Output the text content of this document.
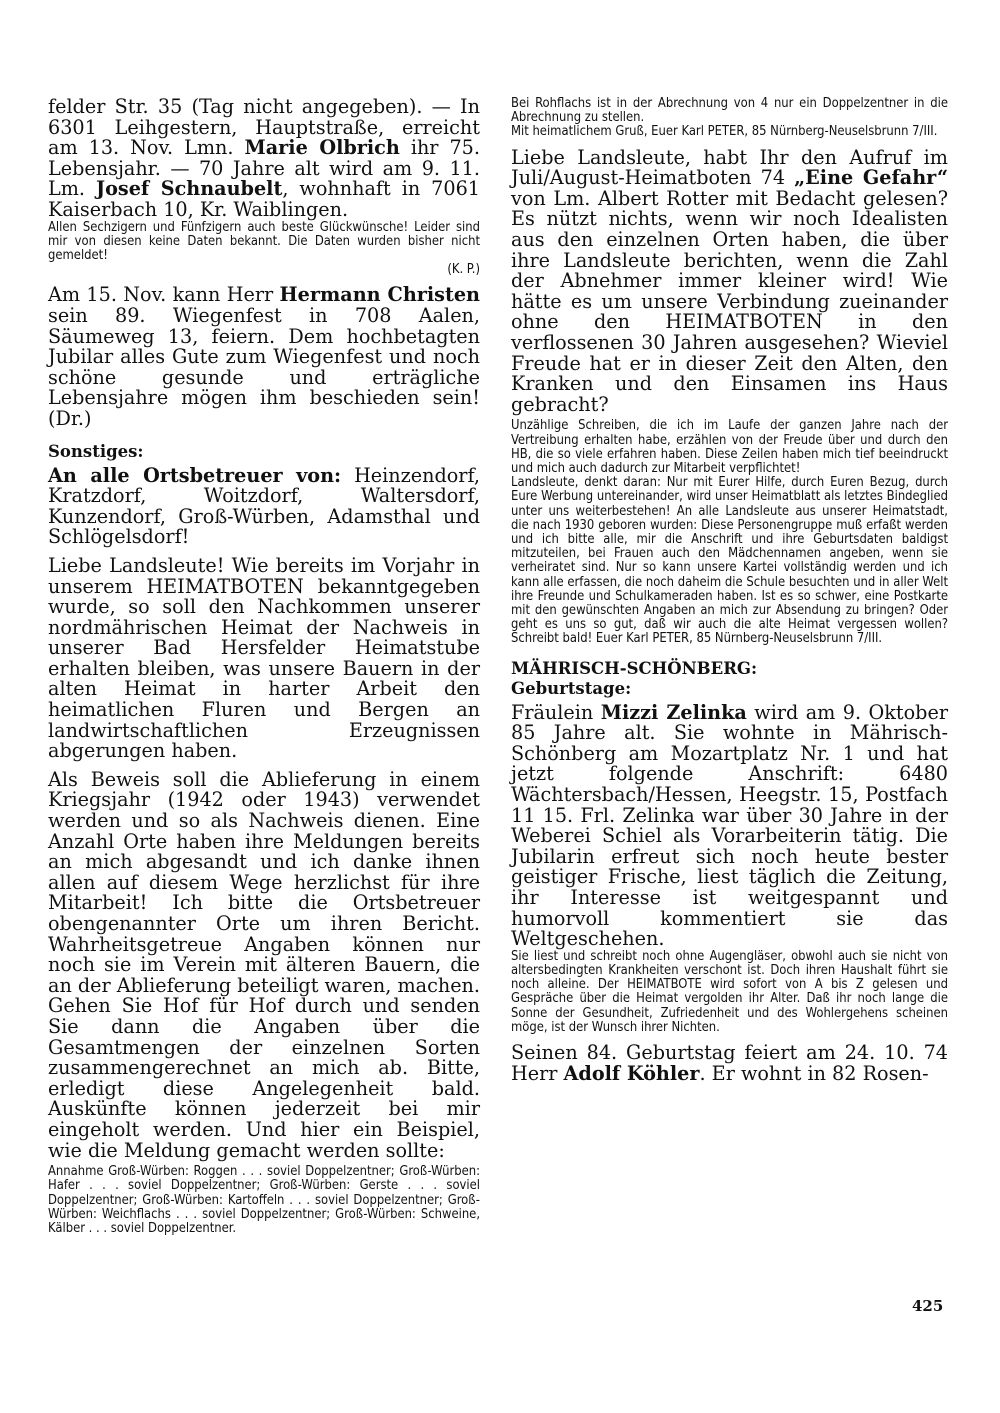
felder Str. 35 (Tag nicht angegeben). — In 6301 Leihgestern, Hauptstraße, erreicht am 13. Nov. Lmn. Marie Olbrich ihr 75. Lebensjahr. — 70 Jahre alt wird am 9. 11. Lm. Josef Schnaubelt, wohnhaft in 7061 Kaiserbach 10, Kr. Waiblingen.

Allen Sechzigern und Fünfzigern auch beste Glückwünsche! Leider sind mir von diesen keine Daten bekannt. Die Daten wurden bisher nicht gemeldet!

(K. P.)

Am 15. Nov. kann Herr Hermann Christen sein 89. Wiegenfest in 708 Aalen, Säumeweg 13, feiern. Dem hochbetagten Jubilar alles Gute zum Wiegenfest und noch schöne gesunde und erträgliche Lebensjahre mögen ihm beschieden sein! (Dr.)

Sonstiges:

An alle Ortsbetreuer von: Heinzendorf, Kratzdorf, Woitzdorf, Waltersdorf, Kunzendorf, Groß-Würben, Adamsthal und Schlögelsdorf!

Liebe Landsleute! Wie bereits im Vorjahr in unserem HEIMATBOTEN bekanntgegeben wurde, so soll den Nachkommen unserer nordmährischen Heimat der Nachweis in unserer Bad Hersfelder Heimatstube erhalten bleiben, was unsere Bauern in der alten Heimat in harter Arbeit den heimatlichen Fluren und Bergen an landwirtschaftlichen Erzeugnissen abgerungen haben.

Als Beweis soll die Ablieferung in einem Kriegsjahr (1942 oder 1943) verwendet werden und so als Nachweis dienen. Eine Anzahl Orte haben ihre Meldungen bereits an mich abgesandt und ich danke ihnen allen auf diesem Wege herzlichst für ihre Mitarbeit! Ich bitte die Ortsbetreuer obengenannter Orte um ihren Bericht. Wahrheitsgetreue Angaben können nur noch sie im Verein mit älteren Bauern, die an der Ablieferung beteiligt waren, machen. Gehen Sie Hof für Hof durch und senden Sie dann die Angaben über die Gesamtmengen der einzelnen Sorten zusammengerechnet an mich ab. Bitte, erledigt diese Angelegenheit bald. Auskünfte können jederzeit bei mir eingeholt werden. Und hier ein Beispiel, wie die Meldung gemacht werden sollte:

Annahme Groß-Würben: Roggen . . . soviel Doppelzentner; Groß-Würben: Hafer . . . soviel Doppelzentner; Groß-Würben: Gerste . . . soviel Doppelzentner; Groß-Würben: Kartoffeln . . . soviel Doppelzentner; Groß-Würben: Weichflachs . . . soviel Doppelzentner; Groß-Würben: Schweine, Kälber . . . soviel Doppelzentner.

Bei Rohflachs ist in der Abrechnung von 4 nur ein Doppelzentner in die Abrechnung zu stellen.

Mit heimatlichem Gruß, Euer Karl PETER, 85 Nürnberg-Neuselsbrunn 7/III.

Liebe Landsleute, habt Ihr den Aufruf im Juli/August-Heimatboten 74 „Eine Gefahr“ von Lm. Albert Rotter mit Bedacht gelesen? Es nützt nichts, wenn wir noch Idealisten aus den einzelnen Orten haben, die über ihre Landsleute berichten, wenn die Zahl der Abnehmer immer kleiner wird! Wie hätte es um unsere Verbindung zueinander ohne den HEIMATBOTEN in den verflossenen 30 Jahren ausgesehen? Wieviel Freude hat er in dieser Zeit den Alten, den Kranken und den Einsamen ins Haus gebracht?

Unzählige Schreiben, die ich im Laufe der ganzen Jahre nach der Vertreibung erhalten habe, erzählen von der Freude über und durch den HB, die so viele erfahren haben. Diese Zeilen haben mich tief beeindruckt und mich auch dadurch zur Mitarbeit verpflichtet!

Landsleute, denkt daran: Nur mit Eurer Hilfe, durch Euren Bezug, durch Eure Werbung untereinander, wird unser Heimatblatt als letztes Bindeglied unter uns weiterbestehen! An alle Landsleute aus unserer Heimatstadt, die nach 1930 geboren wurden: Diese Personengruppe muß erfaßt werden und ich bitte alle, mir die Anschrift und ihre Geburtsdaten baldigst mitzuteilen, bei Frauen auch den Mädchennamen angeben, wenn sie verheiratet sind. Nur so kann unsere Kartei vollständig werden und ich kann alle erfassen, die noch daheim die Schule besuchten und in aller Welt ihre Freunde und Schulkameraden haben. Ist es so schwer, eine Postkarte mit den gewünschten Angaben an mich zur Absendung zu bringen? Oder geht es uns so gut, daß wir auch die alte Heimat vergessen wollen? Schreibt bald! Euer Karl PETER, 85 Nürnberg-Neuselsbrunn 7/III.

MÄHRISCH-SCHÖNBERG:

Geburtstage:

Fräulein Mizzi Zelinka wird am 9. Oktober 85 Jahre alt. Sie wohnte in Mährisch-Schönberg am Mozartplatz Nr. 1 und hat jetzt folgende Anschrift: 6480 Wächtersbach/Hessen, Heegstr. 15, Postfach 11 15. Frl. Zelinka war über 30 Jahre in der Weberei Schiel als Vorarbeiterin tätig. Die Jubilarin erfreut sich noch heute bester geistiger Frische, liest täglich die Zeitung, ihr Interesse ist weitgespannt und humorvoll kommentiert sie das Weltgeschehen.

Sie liest und schreibt noch ohne Augengläser, obwohl auch sie nicht von altersbedingten Krankheiten verschont ist. Doch ihren Haushalt führt sie noch alleine. Der HEIMATBOTE wird sofort von A bis Z gelesen und Gespräche über die Heimat vergolden ihr Alter. Daß ihr noch lange die Sonne der Gesundheit, Zufriedenheit und des Wohlergehens scheinen möge, ist der Wunsch ihrer Nichten.

Seinen 84. Geburtstag feiert am 24. 10. 74 Herr Adolf Köhler. Er wohnt in 82 Rosen-

425
